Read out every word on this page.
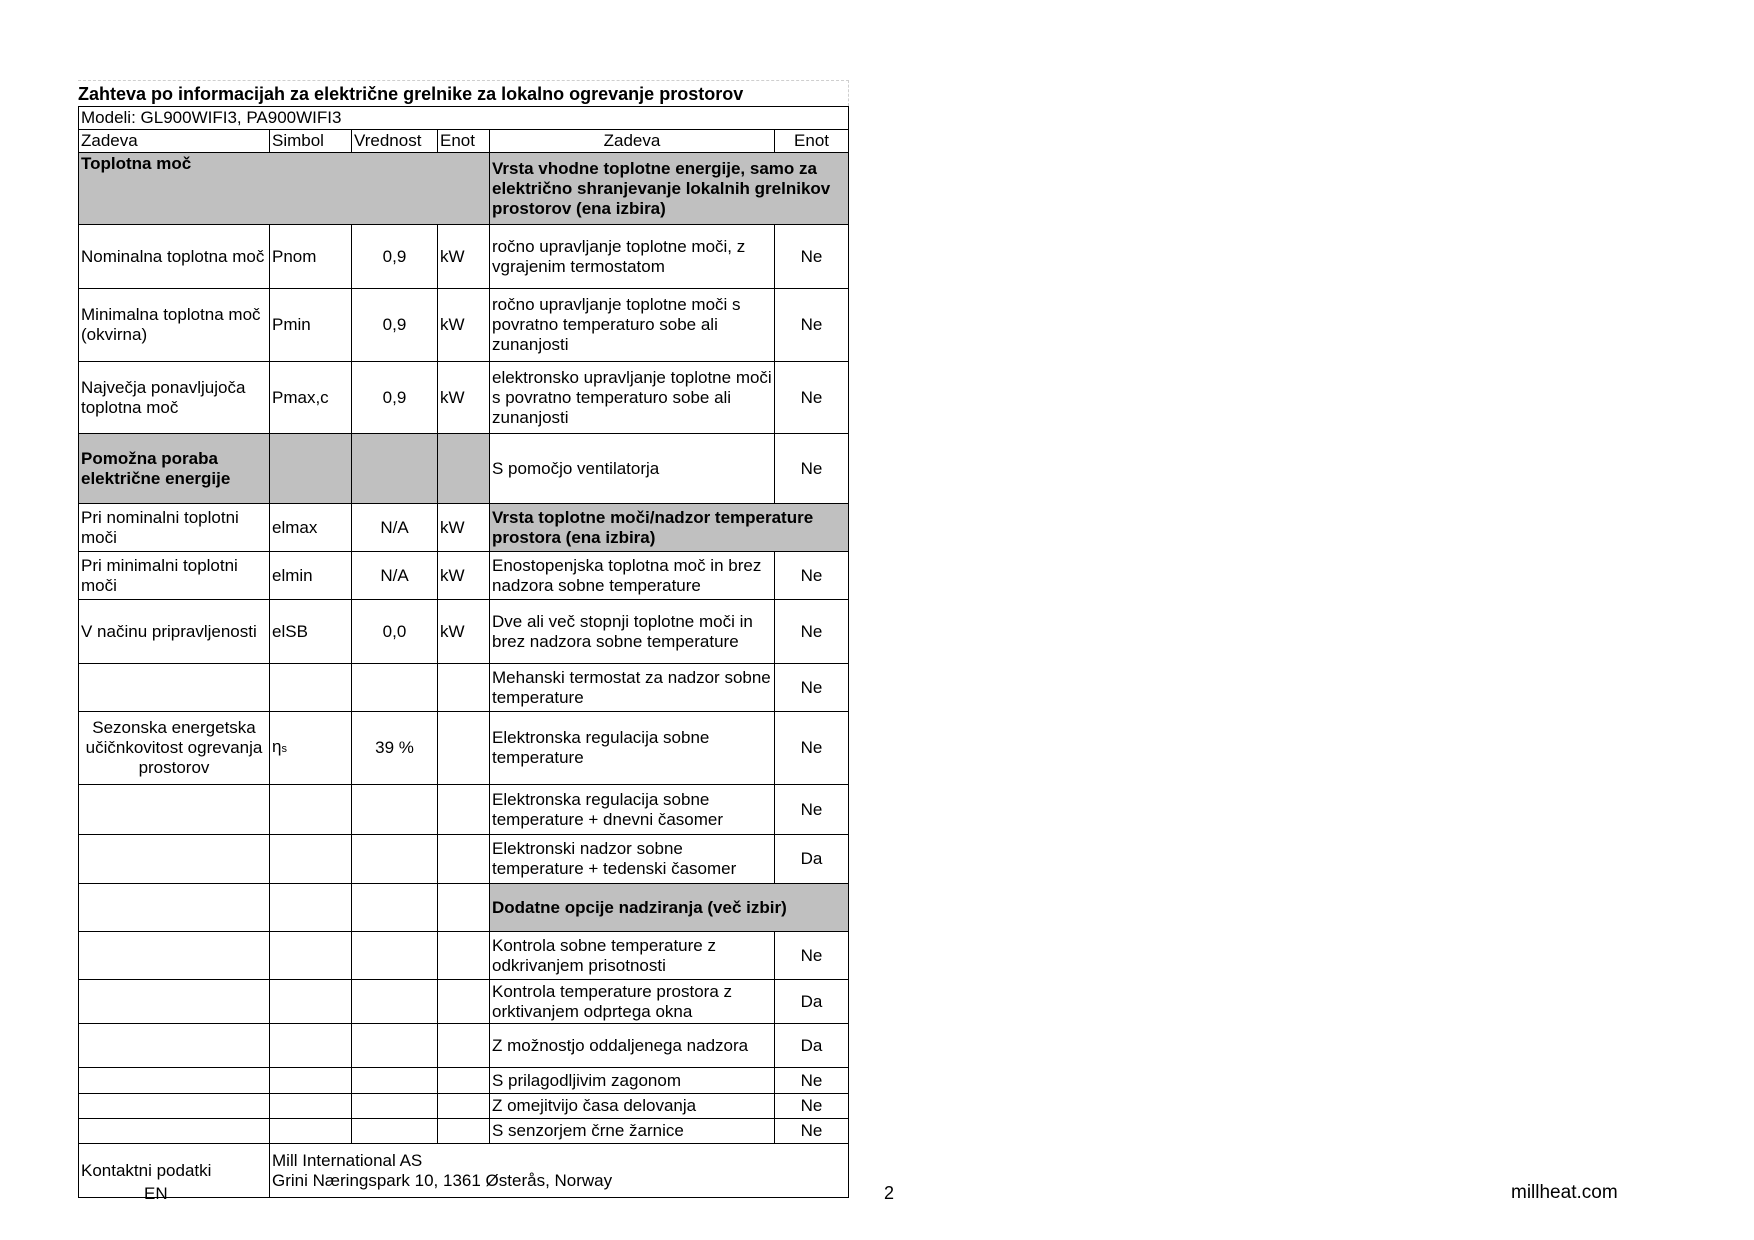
Zahteva po informacijah za električne grelnike za lokalno ogrevanje prostorov
Modeli: GL900WIFI3, PA900WIFI3					
Zadeva	Simbol	Vrednost	Enot	Zadeva	Enot
Toplotna moč				Vrsta vhodne toplotne energije, samo za električno shranjevanje lokalnih grelnikov prostorov (ena izbira)	
Nominalna toplotna moč	Pnom	0,9	kW	ročno upravljanje toplotne moči, z vgrajenim termostatom	Ne
Minimalna toplotna moč (okvirna)	Pmin	0,9	kW	ročno upravljanje toplotne moči s povratno temperaturo sobe ali zunanjosti	Ne
Največja ponavljujoča toplotna moč	Pmax,c	0,9	kW	elektronsko upravljanje toplotne moči s povratno temperaturo sobe ali zunanjosti	Ne
Pomožna poraba električne energije				S pomočjo ventilatorja	Ne
Pri nominalni toplotni moči	elmax	N/A	kW	Vrsta toplotne moči/nadzor temperature prostora (ena izbira)	
Pri minimalni toplotni moči	elmin	N/A	kW	Enostopenjska toplotna moč in brez nadzora sobne temperature	Ne
V načinu pripravljenosti	elSB	0,0	kW	Dve ali več stopnji toplotne moči in brez nadzora sobne temperature	Ne
				Mehanski termostat za nadzor sobne temperature	Ne
Sezonska energetska učičnkovitost ogrevanja prostorov	ηs	39 %		Elektronska regulacija sobne temperature	Ne
				Elektronska regulacija sobne temperature + dnevni časomer	Ne
				Elektronski nadzor sobne temperature + tedenski časomer	Da
				Dodatne opcije nadziranja (več izbir)	
				Kontrola sobne temperature z odkrivanjem prisotnosti	Ne
				Kontrola temperature prostora z orktivanjem odprtega okna	Da
				Z možnostjo oddaljenega nadzora	Da
				S prilagodljivim zagonom	Ne
				Z omejitvijo časa delovanja	Ne
				S senzorjem črne žarnice	Ne
Kontaktni podatki	Mill International AS
Grini Næringspark 10, 1361 Østerås, Norway				
EN	2	millheat.com
